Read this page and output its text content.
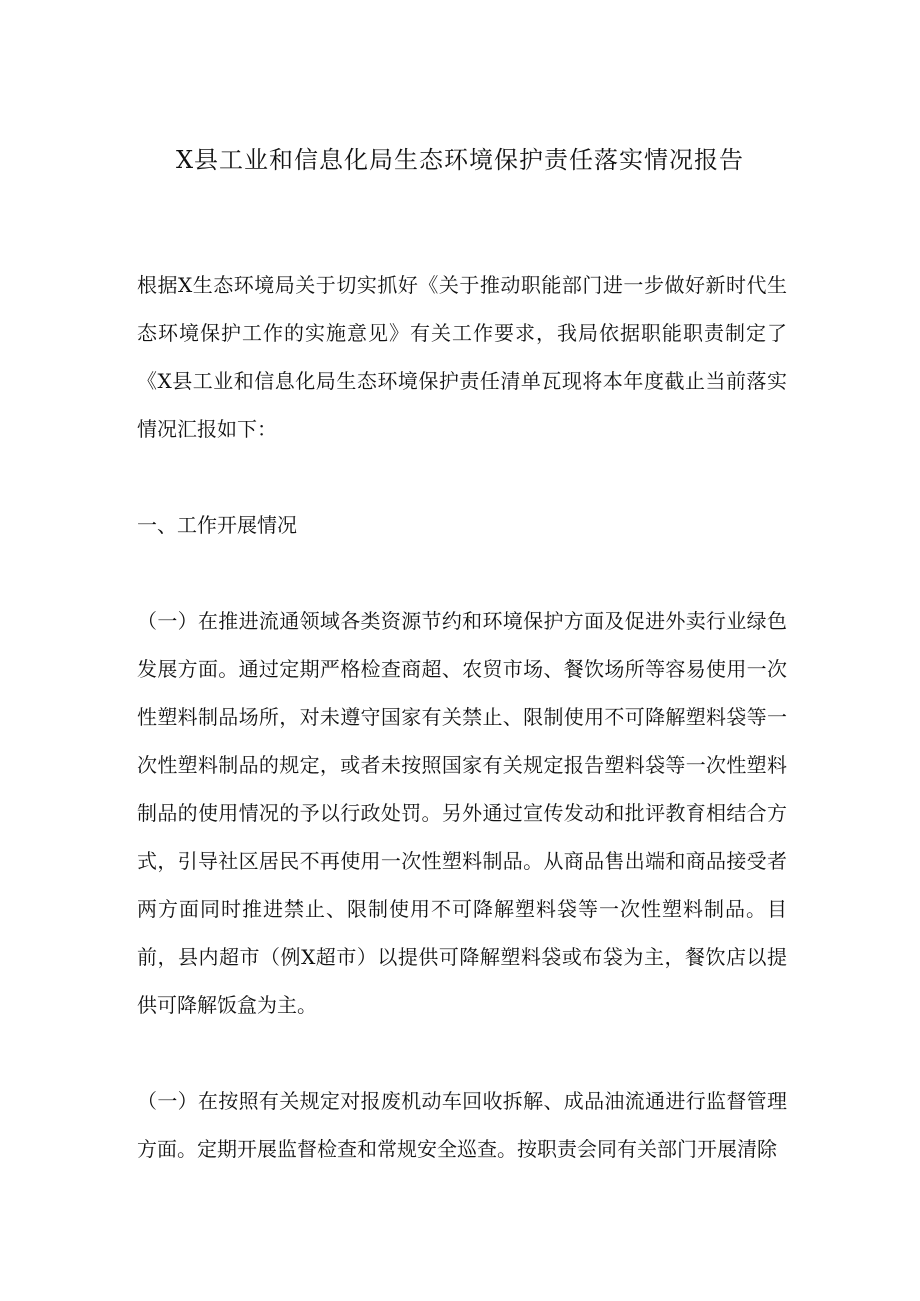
X县工业和信息化局生态环境保护责任落实情况报告
根据X生态环境局关于切实抓好《关于推动职能部门进一步做好新时代生态环境保护工作的实施意见》有关工作要求，我局依据职能职责制定了《X县工业和信息化局生态环境保护责任清单瓦现将本年度截止当前落实情况汇报如下：
一、工作开展情况
（一）在推进流通领域各类资源节约和环境保护方面及促进外卖行业绿色发展方面。通过定期严格检查商超、农贸市场、餐饮场所等容易使用一次性塑料制品场所，对未遵守国家有关禁止、限制使用不可降解塑料袋等一次性塑料制品的规定，或者未按照国家有关规定报告塑料袋等一次性塑料制品的使用情况的予以行政处罚。另外通过宣传发动和批评教育相结合方式，引导社区居民不再使用一次性塑料制品。从商品售出端和商品接受者两方面同时推进禁止、限制使用不可降解塑料袋等一次性塑料制品。目前，县内超市（例X超市）以提供可降解塑料袋或布袋为主，餐饮店以提供可降解饭盒为主。
（一）在按照有关规定对报废机动车回收拆解、成品油流通进行监督管理方面。定期开展监督检查和常规安全巡查。按职责会同有关部门开展清除
